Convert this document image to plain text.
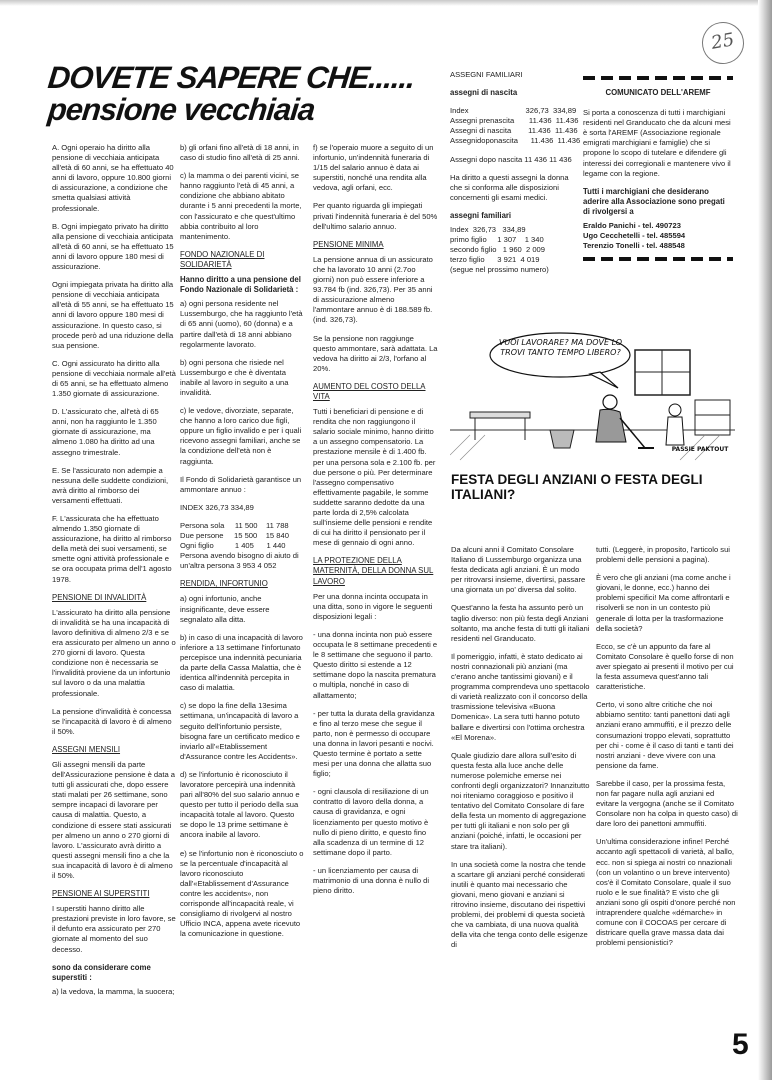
25
DOVETE SAPERE CHE......
pensione vecchiaia

A. Ogni operaio ha diritto alla pensione di vecchiaia anticipata all'età di 60 anni, se ha effettuato 40 anni di lavoro, oppure 10.800 giorni di assicurazione, a condizione che smetta qualsiasi attività professionale.

B. Ogni impiegato privato ha diritto alla pensione di vecchiaia anticipata all'età di 60 anni, se ha effettuato 15 anni di lavoro oppure 180 mesi di assicurazione.

Ogni impiegata privata ha diritto alla pensione di vecchiaia anticipata all'età di 55 anni, se ha effettuato 15 anni di lavoro oppure 180 mesi di assicurazione. In questo caso, si procede però ad una riduzione della sua pensione.

C. Ogni assicurato ha diritto alla pensione di vecchiaia normale all'età di 65 anni, se ha effettuato almeno 1.350 giornate di assicurazione.

D. L'assicurato che, all'età di 65 anni, non ha raggiunto le 1.350 giornate di assicurazione, ma almeno 1.080 ha diritto ad una assegno trimestrale.

E. Se l'assicurato non adempie a nessuna delle suddette condizioni, avrà diritto al rimborso dei versamenti effettuati.

F. L'assicurata che ha effettuato almendo 1.350 giornate di assicurazione, ha diritto al rimborso della metà dei suoi versamenti, se smette ogni attività professionale e se ora occupata prima dell'1 agosto 1978.

PENSIONE DI INVALIDITÀ

L'assicurato ha diritto alla pensione di invalidità se ha una incapacità di lavoro definitiva di almeno 2/3 e se era assicurato per almeno un anno o 270 giorni di lavoro. Questa condizione non è necessaria se l'invalidità proviene da un infortunio sul lavoro o da una malattia professionale.

La pensione d'invalidità è concessa se l'incapacità di lavoro è di almeno il 50%.

ASSEGNI MENSILI

Gli assegni mensili da parte dell'Assicurazione pensione è data a tutti gli assicurati che, dopo essere stati malati per 26 settimane, sono sempre incapaci di lavorare per causa di malattia. Questo, a condizione di essere stati assicurati per almeno un anno o 270 giorni di lavoro. L'assicurato avrà diritto a questi assegni mensili fino a che la sua incapacità di lavoro è di almeno il 50%.

PENSIONE AI SUPERSTITI

I superstiti hanno diritto alle prestazioni previste in loro favore, se il defunto era assicurato per 270 giornate al momento del suo decesso.

sono da considerare come superstiti :

a) la vedova, la mamma, la suocera;

b) gli orfani fino all'età di 18 anni, in caso di studio fino all'età di 25 anni.

c) la mamma o dei parenti vicini, se hanno raggiunto l'età di 45 anni, a condizione che abbiano abitato durante i 5 anni precedenti la morte, con l'assicurato e che quest'ultimo abbia contribuito al loro mantenimento.

FONDO NAZIONALE DI SOLIDARIETÀ

Hanno diritto a una pensione del Fondo Nazionale di Solidarietà :

a) ogni persona residente nel Lussemburgo, che ha raggiunto l'età di 65 anni (uomo), 60 (donna) e a partire dall'età di 18 anni abbiano regolarmente lavorato.

b) ogni persona che risiede nel Lussemburgo e che è diventata inabile al lavoro in seguito a una invalidità.

c) le vedove, divorziate, separate, che hanno a loro carico due figli, oppure un figlio invalido e per i quali ricevono assegni familiari, anche se la condizione dell'età non è raggiunta.

Il Fondo di Solidarietà garantisce un ammontare annuo :

INDEX 326,73 334,89

Persona sola     11 500    11 788
Due persone     15 500    15 840
Ogni figlio          1 405      1 440

Persona avendo bisogno di aiuto di un'altra persona 3 953 4 052

RENDIDA, INFORTUNIO

a) ogni infortunio, anche insignificante, deve essere segnalato alla ditta.

b) in caso di una incapacità di lavoro inferiore a 13 settimane l'infortunato percepisce una indennità pecuniaria da parte della Cassa Malattia, che è identica all'indennità percepita in caso di malattia.

c) se dopo la fine della 13esima settimana, un'incapacità di lavoro a seguito dell'infortunio persiste, bisogna fare un certificato medico e inviarlo all'«Etablissement d'Assurance contre les Accidents».

d) se l'infortunio è riconosciuto il lavoratore percepirà una indennità pari all'80% del suo salario annuo e questo per tutto il periodo della sua incapacità totale al lavoro. Questo se dopo le 13 prime settimane è ancora inabile al lavoro.

e) se l'infortunio non è riconosciuto o se la percentuale d'incapacità al lavoro riconosciuto dall'«Etablissement d'Assurance contre les accidents», non corrisponde all'incapacità reale, vi consigliamo di rivolgervi al nostro Ufficio INCA, appena avete ricevuto la comunicazione in questione.

f) se l'operaio muore a seguito di un infortunio, un'indennità funeraria di 1/15 del salario annuo è data ai superstiti, nonché una rendita alla vedova, agli orfani, ecc.

Per quanto riguarda gli impiegati privati l'indennità funeraria è del 50% dell'ultimo salario annuo.

PENSIONE MINIMA

La pensione annua di un assicurato che ha lavorato 10 anni (2.7oo giorni) non può essere inferiore a 93.784 fb (ind. 326,73). Per 35 anni di assicurazione almeno l'ammontare annuo è di 188.589 fb. (ind. 326,73).

Se la pensione non raggiunge questo ammontare, sarà adattata. La vedova ha diritto ai 2/3, l'orfano al 20%.

AUMENTO DEL COSTO DELLA VITA

Tutti i beneficiari di pensione e di rendita che non raggiungono il salario sociale minimo, hanno diritto a un assegno compensatorio. La prestazione mensile è di 1.400 fb. per una persona sola e 2.100 fb. per due persone o più. Per determinare l'assegno compensativo effettivamente pagabile, le somme suddette saranno dedotte da una parte lorda di 2,5% calcolata sull'insieme delle pensioni e rendite di cui ha diritto il pensionato per il mese di gennaio di ogni anno.

LA PROTEZIONE DELLA MATERNITÀ, DELLA DONNA SUL LAVORO

Per una donna incinta occupata in una ditta, sono in vigore le seguenti disposizioni legali :

- una donna incinta non può essere occupata le 8 settimane precedenti e le 8 settimane che seguono il parto. Questo diritto si estende a 12 settimane dopo la nascita prematura o multipla, nonché in caso di allattamento;

- per tutta la durata della gravidanza e fino al terzo mese che segue il parto, non è permesso di occupare una donna in lavori pesanti e nocivi. Questo termine è portato a sette mesi per una donna che allatta suo figlio;

- ogni clausola di resiliazione di un contratto di lavoro della donna, a causa di gravidanza, e ogni licenziamento per questo motivo è nullo di pieno diritto, e questo fino alla scadenza di un termine di 12 settimane dopo il parto.

- un licenziamento per causa di matrimonio di una donna è nullo di pieno diritto.

ASSEGNI FAMILIARI
assegni di nascita
Index                           326,73  334,89
Assegni prenascita       11.436  11.436
Assegni di nascita        11.436  11.436
Assegnidoponascita      11.436  11.436

Assegni dopo nascita 11 436 11 436

Ha diritto a questi assegni la donna che si conforma alle disposizioni concernenti gli esami medici.

assegni familiari
Index  326,73   334,89
primo figlio     1 307    1 340
secondo figlio   1 960  2 009
terzo figlio      3 921  4 019
(segue nel prossimo numero)
COMUNICATO DELL'AREMF

Si porta a conoscenza di tutti i marchigiani residenti nel Granducato che da alcuni mesi è sorta l'AREMF (Associazione regionale emigrati marchigiani e famiglie) che si propone lo scopo di tutelare e difendere gli interessi dei corregionali e mantenere vivo il legame con la regione.

Tutti i marchigiani che desiderano aderire alla Associazione sono pregati di rivolgersi a

Eraldo Panichi - tel. 490723
Ugo Cecchetelli - tel. 485594
Terenzio Tonelli - tel. 488548
VUOI LAVORARE? MA DOVE LO TROVI TANTO TEMPO LIBERO?
PASSIE PAKTOUT
FESTA DEGLI ANZIANI O FESTA DEGLI ITALIANI?

Da alcuni anni il Comitato Consolare Italiano di Lussemburgo organizza una festa dedicata agli anziani. È un modo per ritrovarsi insieme, divertirsi, passare una giornata un po' diversa dal solito.

Quest'anno la festa ha assunto però un taglio diverso: non più festa degli Anziani soltanto, ma anche festa di tutti gli italiani residenti nel Granducato.

Il pomeriggio, infatti, è stato dedicato ai nostri connazionali più anziani (ma c'erano anche tantissimi giovani) e il programma comprendeva uno spettacolo di varietà realizzato con il concorso della trasmissione televisiva «Buona Domenica». La sera tutti hanno potuto ballare e divertirsi con l'ottima orchestra «El Morena».

Quale giudizio dare allora sull'esito di questa festa alla luce anche delle numerose polemiche emerse nei confronti degli organizzatori? Innanzitutto noi riteniamo coraggioso e positivo il tentativo del Comitato Consolare di fare della festa un momento di aggregazione per tutti gli italiani e non solo per gli anziani (poiché, infatti, le occasioni per stare tra italiani).

In una società come la nostra che tende a scartare gli anziani perché considerati inutili è quanto mai necessario che giovani, meno giovani e anziani si ritrovino insieme, discutano dei rispettivi problemi, dei problemi di questa società che va cambiata, di una nuova qualità della vita che tenga conto delle esigenze di

tutti. (Leggerè, in proposito, l'articolo sui problemi delle pensioni a pagina).

È vero che gli anziani (ma come anche i giovani, le donne, ecc.) hanno dei problemi specifici! Ma come affrontarli e risolverli se non in un contesto più generale di lotta per la trasformazione della società?

Ecco, se c'è un appunto da fare al Comitato Consolare è quello forse di non aver spiegato ai presenti il motivo per cui la festa assumeva quest'anno tali caratteristiche.

Certo, vi sono altre critiche che noi abbiamo sentito: tanti panettoni dati agli anziani erano ammuffiti, e il prezzo delle consumazioni troppo elevati, soprattutto per chi - come è il caso di tanti e tanti dei nostri anziani - deve vivere con una pensione da fame.

Sarebbe il caso, per la prossima festa, non far pagare nulla agli anziani ed evitare la vergogna (anche se il Comitato Consolare non ha colpa in questo caso) di dare loro dei panettoni ammuffiti.

Un'ultima considerazione infine! Perché accanto agli spettacoli di varietà, al ballo, ecc. non si spiega ai nostri co nnazionali (con un volantino o un breve intervento) cos'è il Comitato Consolare, quale il suo ruolo e le sue finalità? E visto che gli anziani sono gli ospiti d'onore perché non intraprendere qualche «démarche» in comune con il COCOAS per cercare di districare quella grave massa data dai problemi pensionistici?

5
